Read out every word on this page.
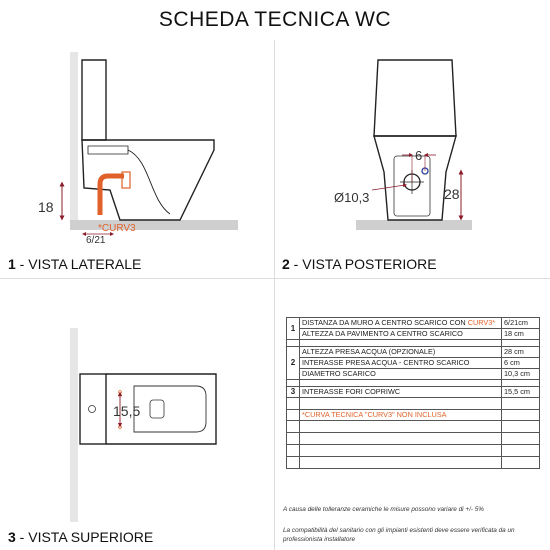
SCHEDA TECNICA WC
18
6/21
*CURV3
6
Ø10,3	28
15,5
1 - VISTA LATERALE	2 - VISTA POSTERIORE
3 - VISTA SUPERIORE
1	DISTANZA DA MURO A CENTRO SCARICO CON CURV3*	6/21cm
	ALTEZZA DA PAVIMENTO A CENTRO SCARICO	18 cm

2	ALTEZZA PRESA ACQUA (OPZIONALE)	28 cm
	INTERASSE PRESA ACQUA - CENTRO SCARICO	6 cm
	DIAMETRO SCARICO	10,3 cm

3	INTERASSE FORI COPRIWC	15,5 cm

	*CURVA TECNICA "CURV3" NON INCLUSA	

A causa delle tolleranze ceramiche le misure possono variare di +/- 5%
La compatibilità del sanitario con gli impianti esistenti deve essere verificata da un professionista installatore
